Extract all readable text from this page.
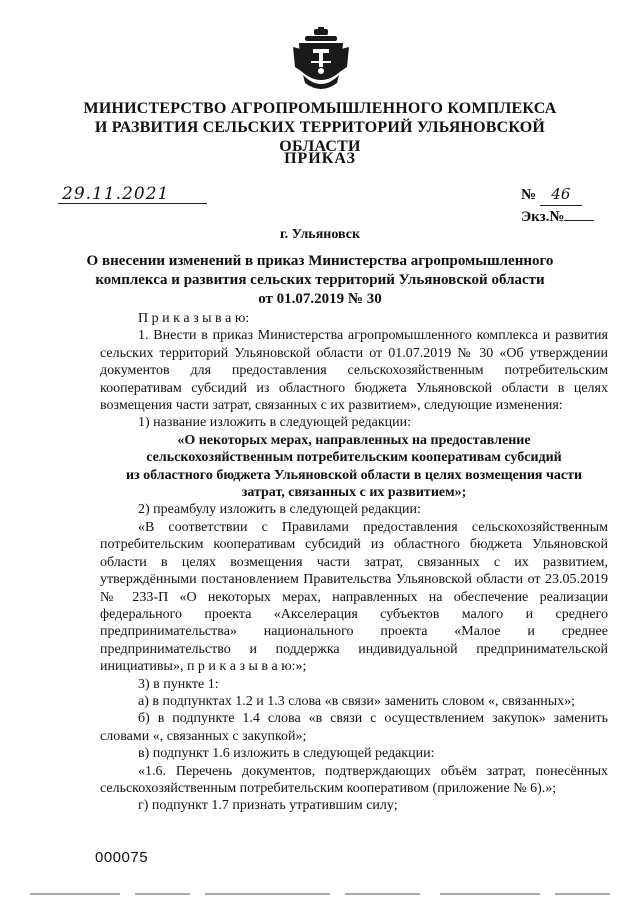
МИНИСТЕРСТВО АГРОПРОМЫШЛЕННОГО КОМПЛЕКСА
И РАЗВИТИЯ СЕЛЬСКИХ ТЕРРИТОРИЙ УЛЬЯНОВСКОЙ ОБЛАСТИ
ПРИКАЗ
29.11.2021	№ 46
Экз.№
г. Ульяновск
О внесении изменений в приказ Министерства агропромышленного
комплекса и развития сельских территорий Ульяновской области
от 01.07.2019 № 30

П р и к а з ы в а ю:

1. Внести в приказ Министерства агропромышленного комплекса и развития сельских территорий Ульяновской области от 01.07.2019 № 30 «Об утверждении документов для предоставления сельскохозяйственным потребительским кооперативам субсидий из областного бюджета Ульяновской области в целях возмещения части затрат, связанных с их развитием», следующие изменения:

1) название изложить в следующей редакции:

«О некоторых мерах, направленных на предоставление

сельскохозяйственным потребительским кооперативам субсидий

из областного бюджета Ульяновской области в целях возмещения части

затрат, связанных с их развитием»;

2) преамбулу изложить в следующей редакции:

«В соответствии с Правилами предоставления сельскохозяйственным потребительским кооперативам субсидий из областного бюджета Ульяновской области в целях возмещения части затрат, связанных с их развитием, утверждёнными постановлением Правительства Ульяновской области от 23.05.2019 № 233-П «О некоторых мерах, направленных на обеспечение реализации федерального проекта «Акселерация субъектов малого и среднего предпринимательства» национального проекта «Малое и среднее предпринимательство и поддержка индивидуальной предпринимательской инициативы», п р и к а з ы в а ю:»;

3) в пункте 1:

а) в подпунктах 1.2 и 1.3 слова «в связи» заменить словом «, связанных»;

б) в подпункте 1.4 слова «в связи с осуществлением закупок» заменить словами «, связанных с закупкой»;

в) подпункт 1.6 изложить в следующей редакции:

«1.6. Перечень документов, подтверждающих объём затрат, понесённых сельскохозяйственным потребительским кооперативом (приложение № 6).»;

г) подпункт 1.7 признать утратившим силу;

000075
